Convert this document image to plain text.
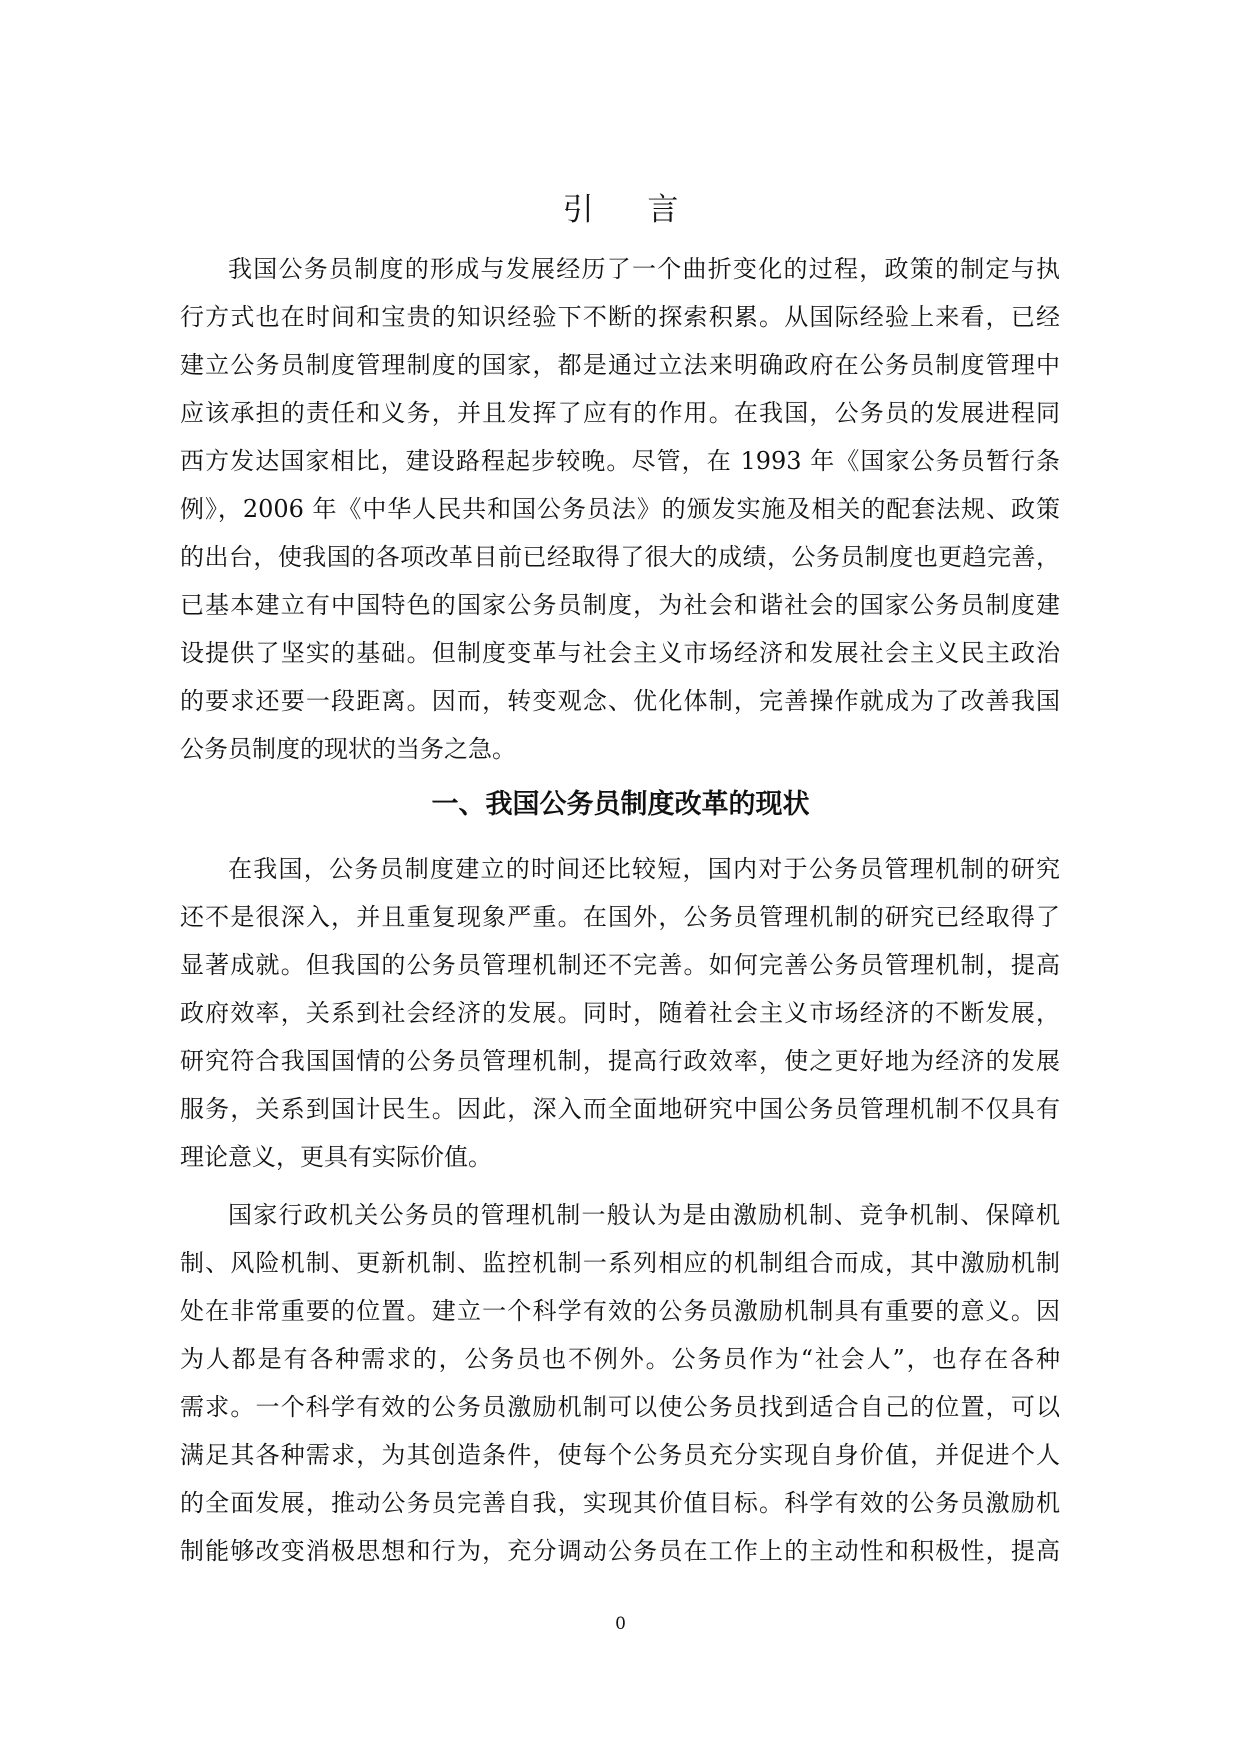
引 言
我国公务员制度的形成与发展经历了一个曲折变化的过程，政策的制定与执
行方式也在时间和宝贵的知识经验下不断的探索积累。从国际经验上来看，已经
建立公务员制度管理制度的国家，都是通过立法来明确政府在公务员制度管理中
应该承担的责任和义务，并且发挥了应有的作用。在我国，公务员的发展进程同
西方发达国家相比，建设路程起步较晚。尽管，在 1993 年《国家公务员暂行条
例》，2006 年《中华人民共和国公务员法》的颁发实施及相关的配套法规、政策
的出台，使我国的各项改革目前已经取得了很大的成绩，公务员制度也更趋完善，
已基本建立有中国特色的国家公务员制度，为社会和谐社会的国家公务员制度建
设提供了坚实的基础。但制度变革与社会主义市场经济和发展社会主义民主政治
的要求还要一段距离。因而，转变观念、优化体制，完善操作就成为了改善我国
公务员制度的现状的当务之急。
一、我国公务员制度改革的现状
在我国，公务员制度建立的时间还比较短，国内对于公务员管理机制的研究
还不是很深入，并且重复现象严重。在国外，公务员管理机制的研究已经取得了
显著成就。但我国的公务员管理机制还不完善。如何完善公务员管理机制，提高
政府效率，关系到社会经济的发展。同时，随着社会主义市场经济的不断发展，
研究符合我国国情的公务员管理机制，提高行政效率，使之更好地为经济的发展
服务，关系到国计民生。因此，深入而全面地研究中国公务员管理机制不仅具有
理论意义，更具有实际价值。
国家行政机关公务员的管理机制一般认为是由激励机制、竞争机制、保障机
制、风险机制、更新机制、监控机制一系列相应的机制组合而成，其中激励机制
处在非常重要的位置。建立一个科学有效的公务员激励机制具有重要的意义。因
为人都是有各种需求的，公务员也不例外。公务员作为“社会人”，也存在各种
需求。一个科学有效的公务员激励机制可以使公务员找到适合自己的位置，可以
满足其各种需求，为其创造条件，使每个公务员充分实现自身价值，并促进个人
的全面发展，推动公务员完善自我，实现其价值目标。科学有效的公务员激励机
制能够改变消极思想和行为，充分调动公务员在工作上的主动性和积极性，提高
0
